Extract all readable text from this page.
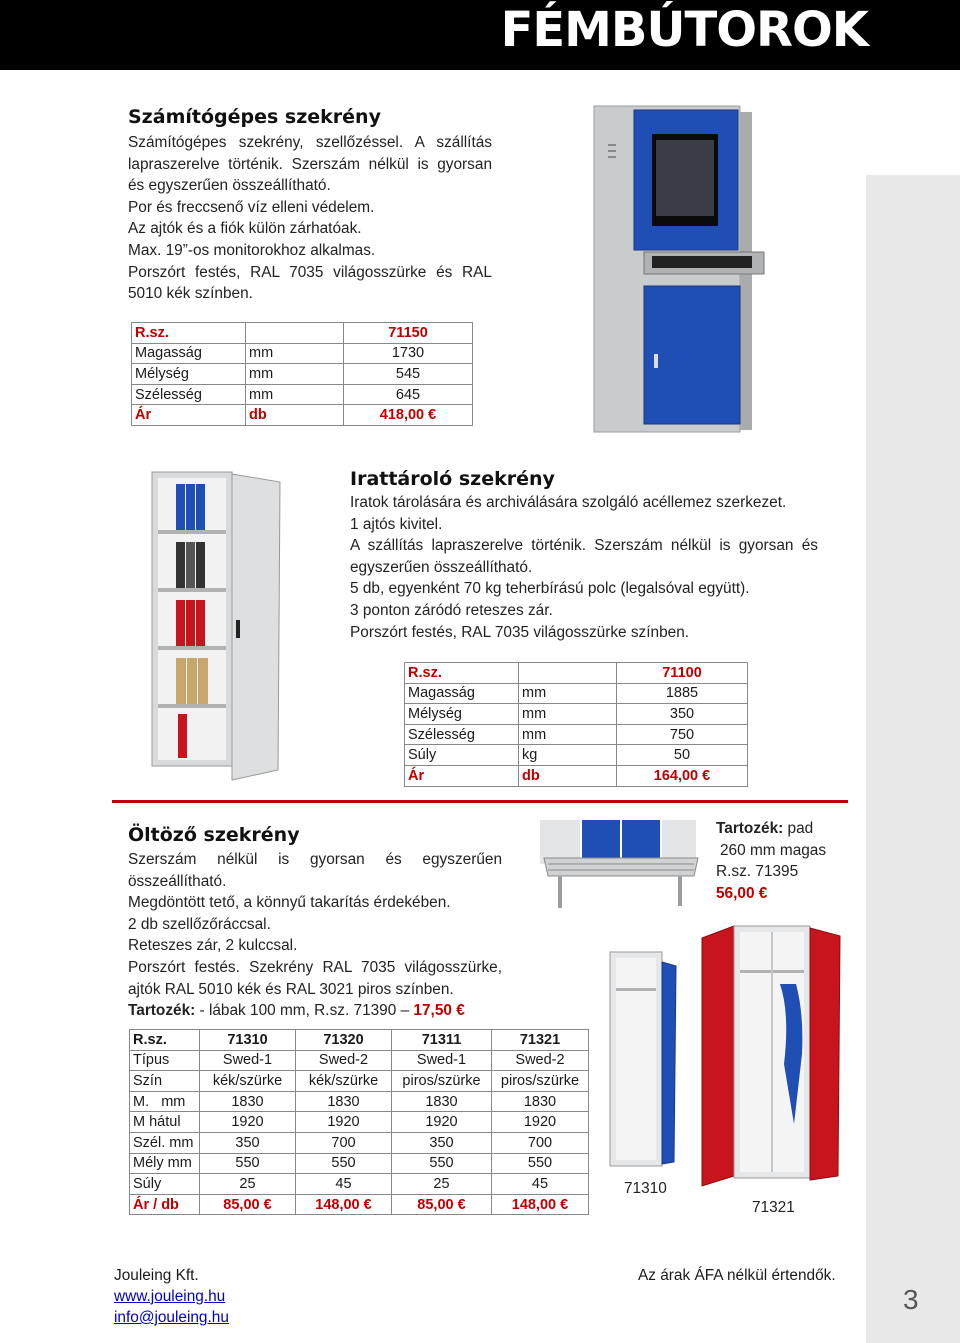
FÉMBÚTOROK
3
Számítógépes szekrény

Számítógépes szekrény, szellőzéssel. A szállítás

lapraszerelve történik. Szerszám nélkül is gyorsan

és egyszerűen összeállítható.

Por és freccsenő víz elleni védelem.

Az ajtók és a fiók külön zárhatóak.

Max. 19”-os monitorokhoz alkalmas.

Porszórt festés, RAL 7035 világosszürke és RAL

5010 kék színben.

R.sz.		71150
Magasság	mm	1730
Mélység	mm	545
Szélesség	mm	645
Ár	db	418,00 €
Irattároló szekrény

Iratok tárolására és archiválására szolgáló acéllemez szerkezet.

1 ajtós kivitel.

A szállítás lapraszerelve történik. Szerszám nélkül is gyorsan és

egyszerűen összeállítható.

5 db, egyenként 70 kg teherbírású polc (legalsóval együtt).

3 ponton záródó reteszes zár.

Porszórt festés, RAL 7035 világosszürke színben.

R.sz.		71100
Magasság	mm	1885
Mélység	mm	350
Szélesség	mm	750
Súly	kg	50
Ár	db	164,00 €
Öltöző szekrény

Szerszám nélkül is gyorsan és egyszerűen

összeállítható.

Megdöntött tető, a könnyű takarítás érdekében.

2 db szellőzőráccsal.

Reteszes zár, 2 kulccsal.

Porszórt festés. Szekrény RAL 7035 világosszürke,

ajtók RAL 5010 kék és RAL 3021 piros színben.

Tartozék: - lábak 100 mm, R.sz. 71390 – 17,50 €

R.sz.	71310	71320	71311	71321
Típus	Swed-1	Swed-2	Swed-1	Swed-2
Szín	kék/szürke	kék/szürke	piros/szürke	piros/szürke
M.   mm	1830	1830	1830	1830
M hátul	1920	1920	1920	1920
Szél. mm	350	700	350	700
Mély mm	550	550	550	550
Súly	25	45	25	45
Ár / db	85,00 €	148,00 €	85,00 €	148,00 €

Tartozék: pad

260 mm magas

R.sz. 71395

56,00 €

71310
71321
Jouleing Kft.
www.jouleing.hu
info@jouleing.hu
Az árak ÁFA nélkül értendők.
